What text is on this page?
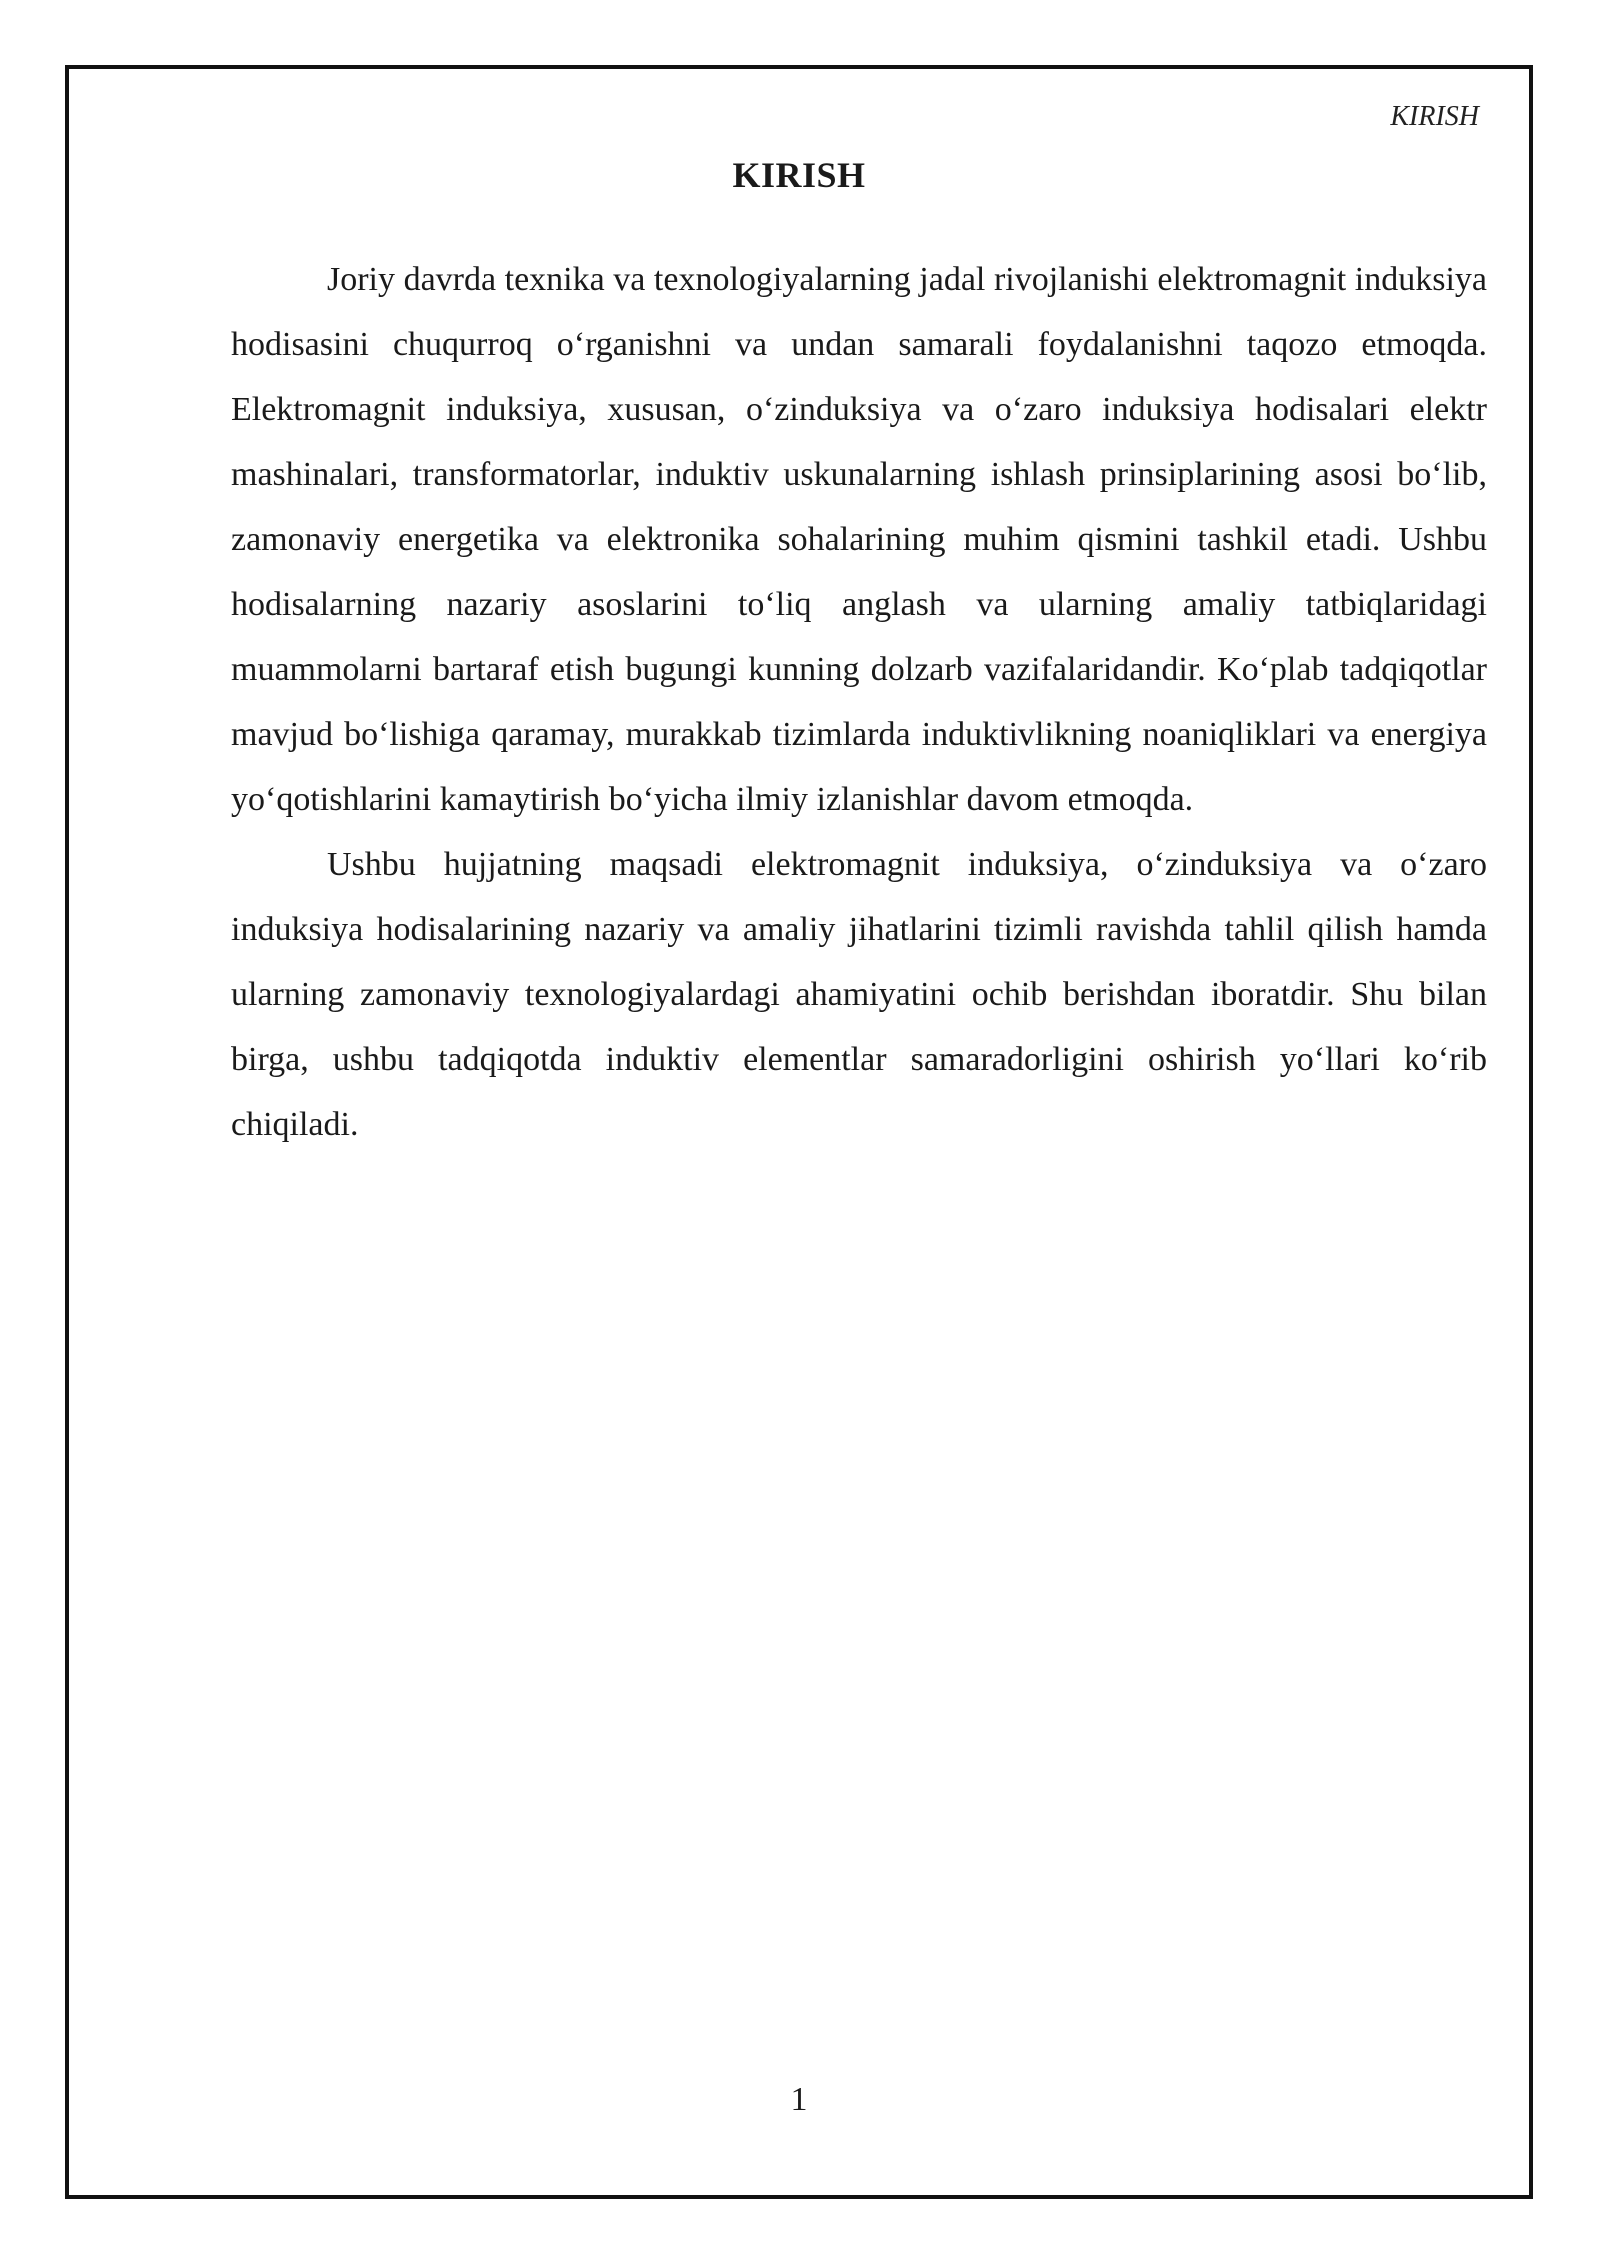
KIRISH
KIRISH

Joriy davrda texnika va texnologiyalarning jadal rivojlanishi elektromagnit induksiya hodisasini chuqurroq oʻrganishni va undan samarali foydalanishni taqozo etmoqda. Elektromagnit induksiya, xususan, oʻzinduksiya va oʻzaro induksiya hodisalari elektr mashinalari, transformatorlar, induktiv uskunalarning ishlash prinsiplarining asosi boʻlib, zamonaviy energetika va elektronika sohalarining muhim qismini tashkil etadi. Ushbu hodisalarning nazariy asoslarini toʻliq anglash va ularning amaliy tatbiqlaridagi muammolarni bartaraf etish bugungi kunning dolzarb vazifalaridandir. Koʻplab tadqiqotlar mavjud boʻlishiga qaramay, murakkab tizimlarda induktivlikning noaniqliklari va energiya yoʻqotishlarini kamaytirish boʻyicha ilmiy izlanishlar davom etmoqda.

Ushbu hujjatning maqsadi elektromagnit induksiya, oʻzinduksiya va oʻzaro induksiya hodisalarining nazariy va amaliy jihatlarini tizimli ravishda tahlil qilish hamda ularning zamonaviy texnologiyalardagi ahamiyatini ochib berishdan iboratdir. Shu bilan birga, ushbu tadqiqotda induktiv elementlar samaradorligini oshirish yoʻllari koʻrib chiqiladi.

1
